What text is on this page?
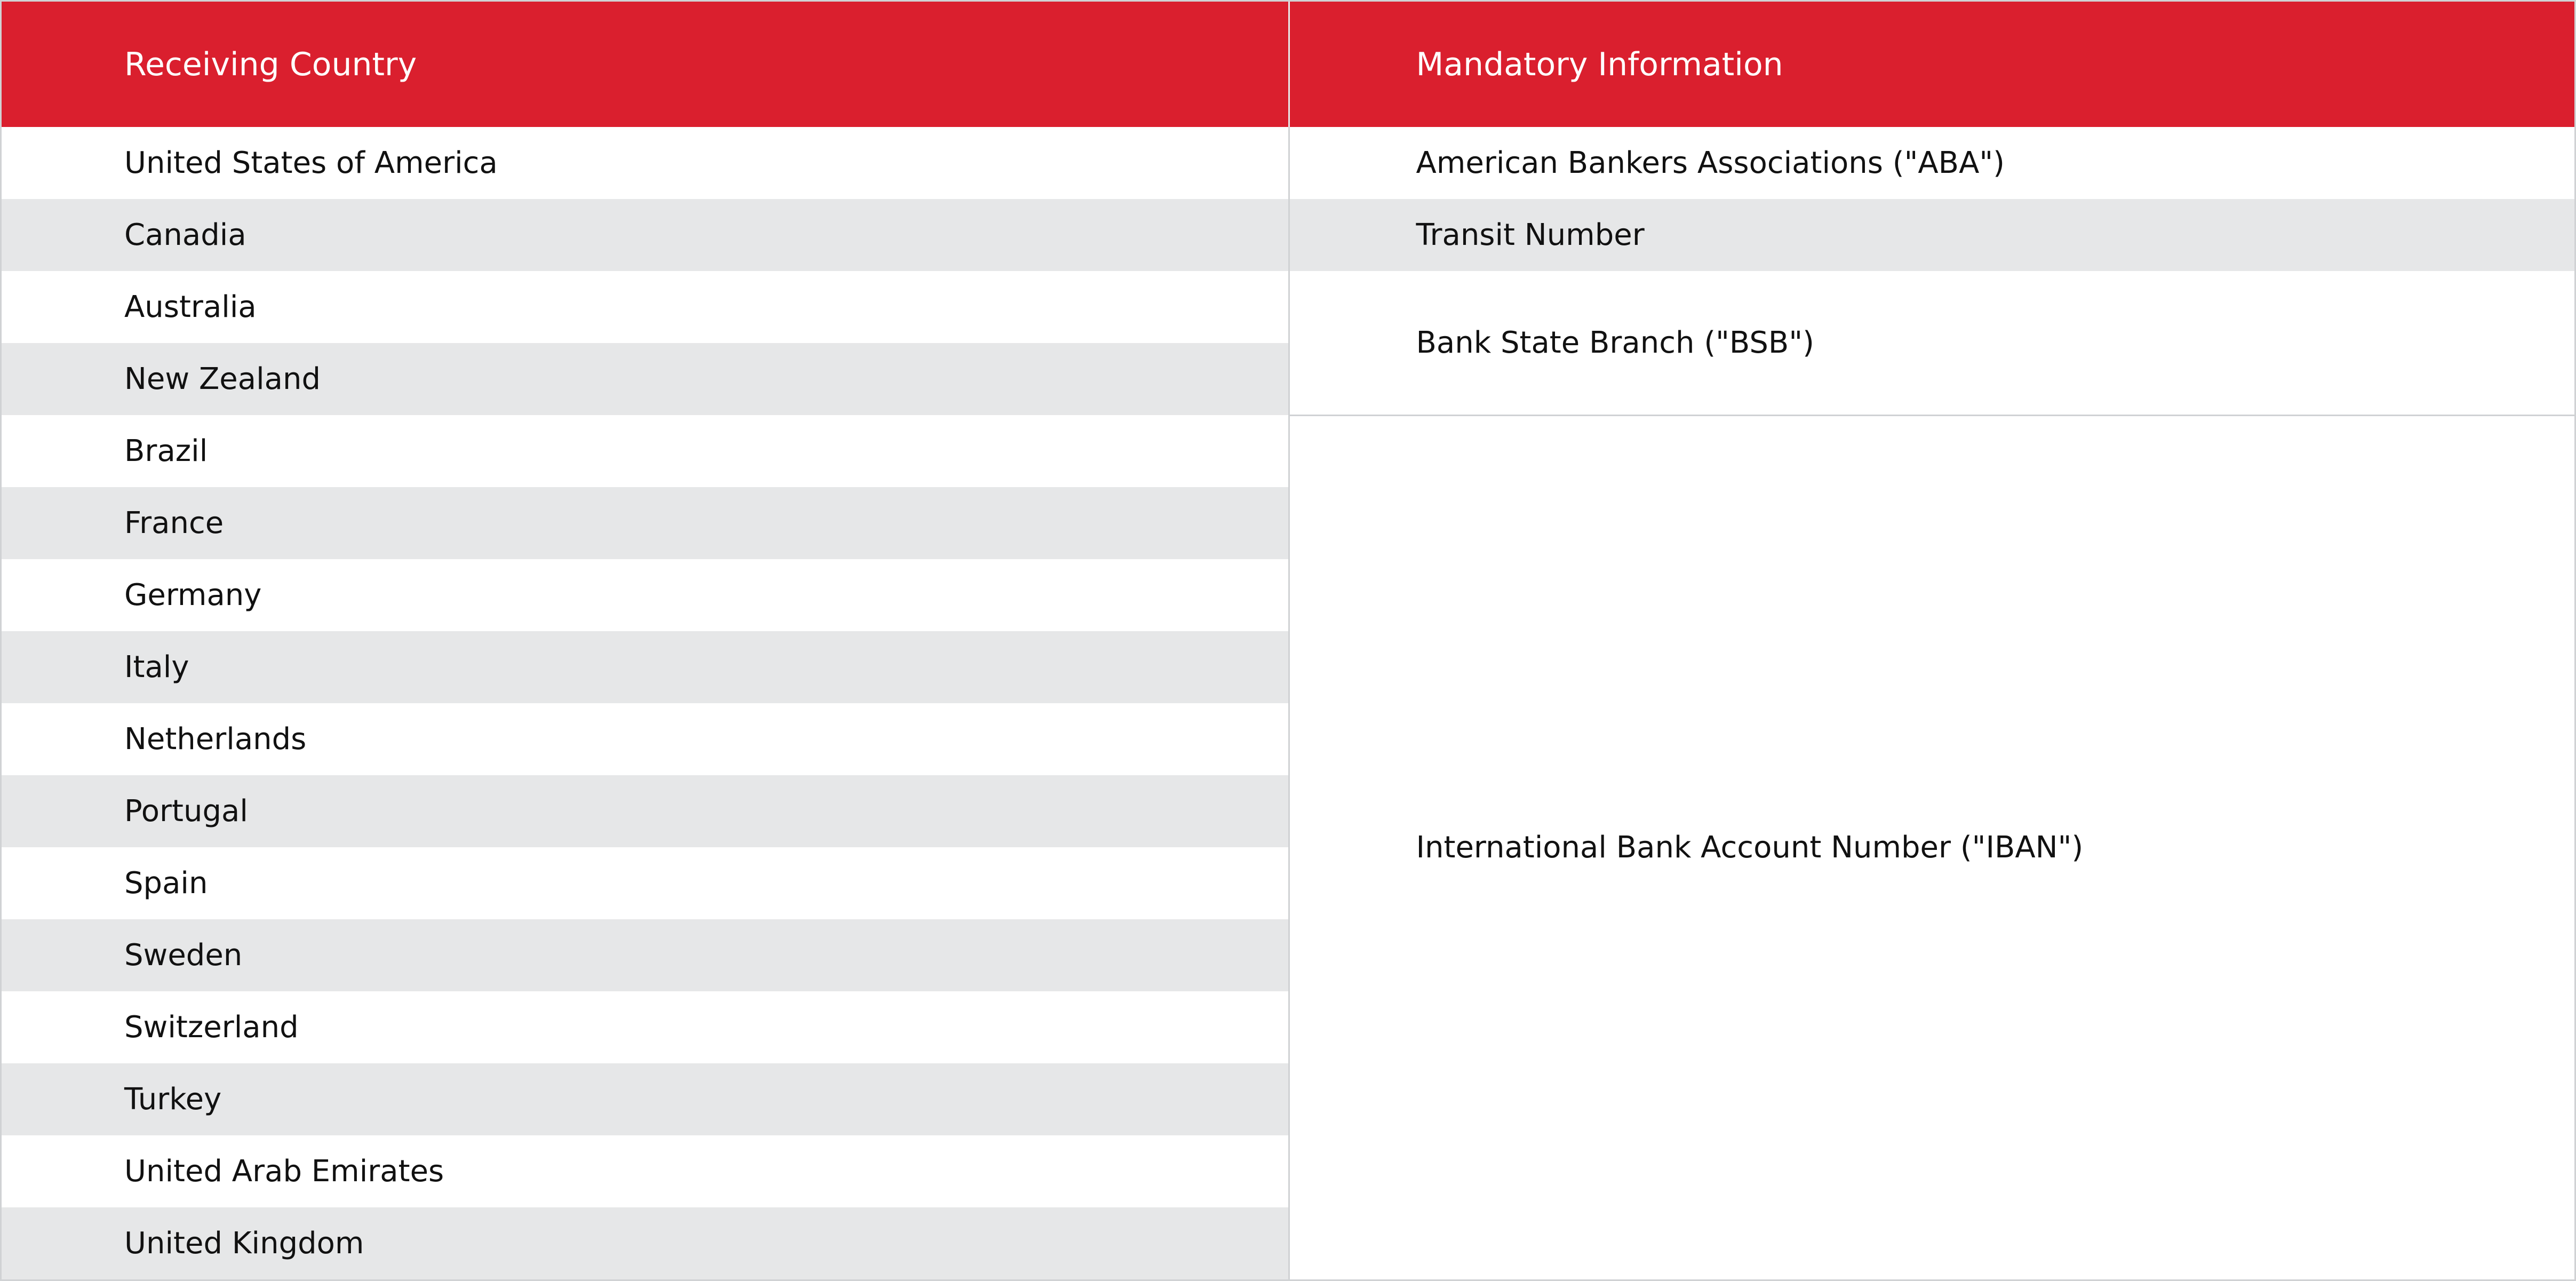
Receiving Country	Mandatory Information
United States of America	American Bankers Associations ("ABA")
Canadia	Transit Number
Australia	Bank State Branch ("BSB")
New Zealand	
Brazil	International Bank Account Number ("IBAN")
France	
Germany	
Italy	
Netherlands	
Portugal	
Spain	
Sweden	
Switzerland	
Turkey	
United Arab Emirates	
United Kingdom	
